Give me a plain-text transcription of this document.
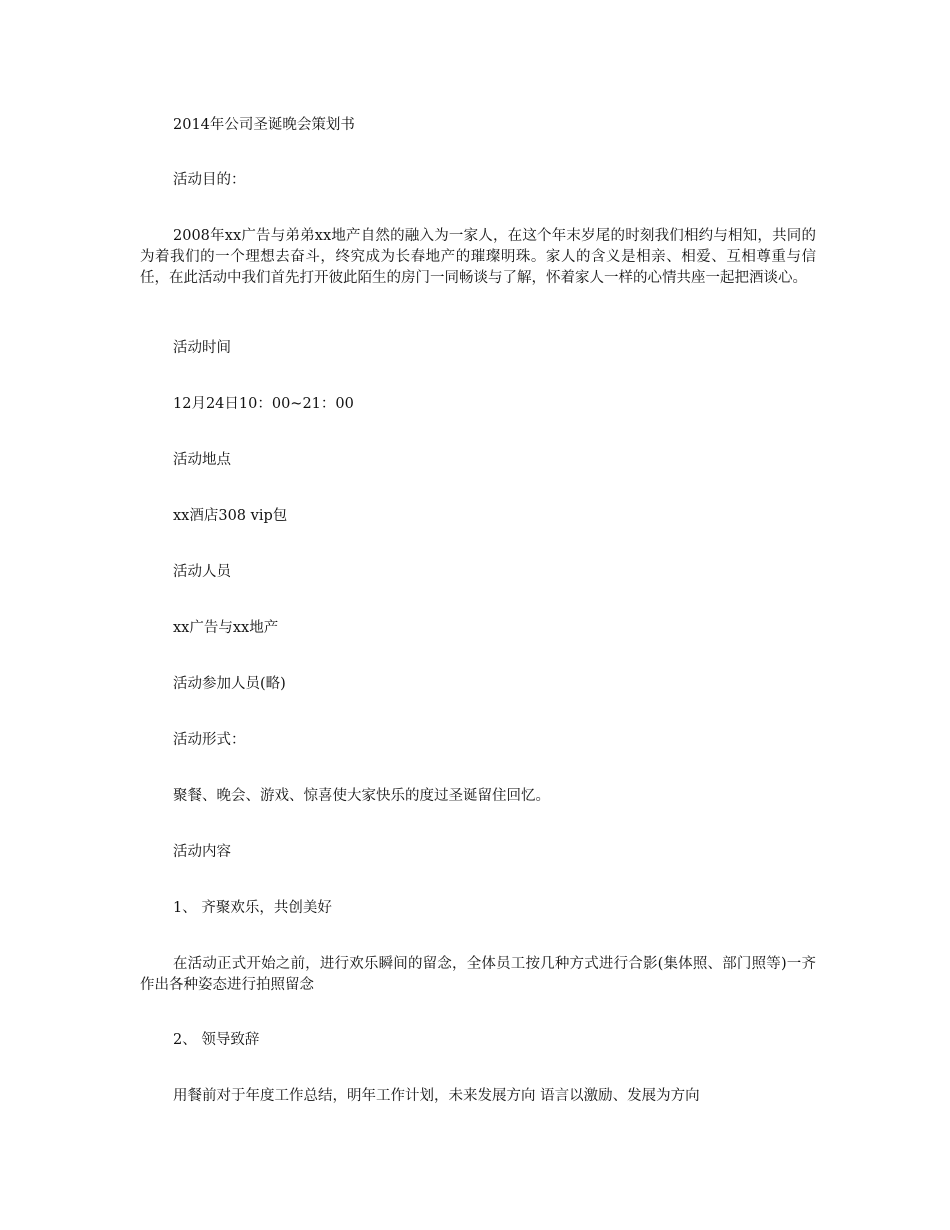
2014年公司圣诞晚会策划书
活动目的：
2008年xx广告与弟弟xx地产自然的融入为一家人，在这个年末岁尾的时刻我们相约与相知，共同的为着我们的一个理想去奋斗，终究成为长春地产的璀璨明珠。家人的含义是相亲、相爱、互相尊重与信任，在此活动中我们首先打开彼此陌生的房门一同畅谈与了解，怀着家人一样的心情共座一起把酒谈心。
活动时间
12月24日10：00~21：00
活动地点
xx酒店308 vip包
活动人员
xx广告与xx地产
活动参加人员(略)
活动形式：
聚餐、晚会、游戏、惊喜使大家快乐的度过圣诞留住回忆。
活动内容
1、 齐聚欢乐，共创美好
在活动正式开始之前，进行欢乐瞬间的留念，全体员工按几种方式进行合影(集体照、部门照等)一齐作出各种姿态进行拍照留念
2、 领导致辞
用餐前对于年度工作总结，明年工作计划，未来发展方向 语言以激励、发展为方向
